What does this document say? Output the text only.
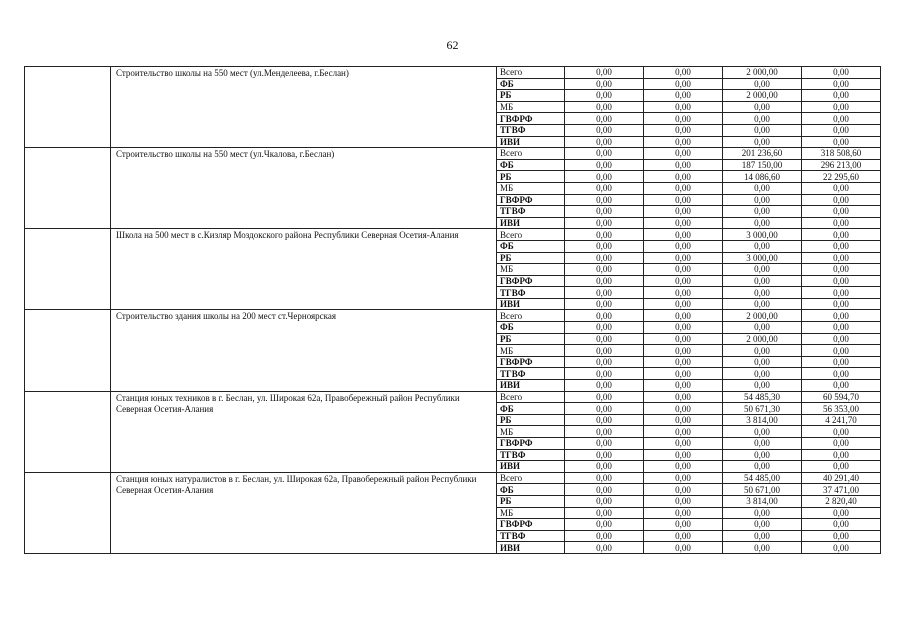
62
	Строительство школы на 550 мест (ул.Менделеева, г.Беслан)	Всего	0,00	0,00	2 000,00	0,00
		ФБ	0,00	0,00	0,00	0,00
		РБ	0,00	0,00	2 000,00	0,00
		МБ	0,00	0,00	0,00	0,00
		ГВФРФ	0,00	0,00	0,00	0,00
		ТГВФ	0,00	0,00	0,00	0,00
		ИВИ	0,00	0,00	0,00	0,00
	Строительство школы на 550 мест (ул.Чкалова, г.Беслан)	Всего	0,00	0,00	201 236,60	318 508,60
		ФБ	0,00	0,00	187 150,00	296 213,00
		РБ	0,00	0,00	14 086,60	22 295,60
		МБ	0,00	0,00	0,00	0,00
		ГВФРФ	0,00	0,00	0,00	0,00
		ТГВФ	0,00	0,00	0,00	0,00
		ИВИ	0,00	0,00	0,00	0,00
	Школа на 500 мест в с.Кизляр Моздокского района Республики Северная Осетия-Алания	Всего	0,00	0,00	3 000,00	0,00
		ФБ	0,00	0,00	0,00	0,00
		РБ	0,00	0,00	3 000,00	0,00
		МБ	0,00	0,00	0,00	0,00
		ГВФРФ	0,00	0,00	0,00	0,00
		ТГВФ	0,00	0,00	0,00	0,00
		ИВИ	0,00	0,00	0,00	0,00
	Строительство здания школы на 200 мест ст.Черноярская	Всего	0,00	0,00	2 000,00	0,00
		ФБ	0,00	0,00	0,00	0,00
		РБ	0,00	0,00	2 000,00	0,00
		МБ	0,00	0,00	0,00	0,00
		ГВФРФ	0,00	0,00	0,00	0,00
		ТГВФ	0,00	0,00	0,00	0,00
		ИВИ	0,00	0,00	0,00	0,00
	Станция юных техников в г. Беслан, ул. Широкая 62а, Правобережный район Республики Северная Осетия-Алания	Всего	0,00	0,00	54 485,30	60 594,70
		ФБ	0,00	0,00	50 671,30	56 353,00
		РБ	0,00	0,00	3 814,00	4 241,70
		МБ	0,00	0,00	0,00	0,00
		ГВФРФ	0,00	0,00	0,00	0,00
		ТГВФ	0,00	0,00	0,00	0,00
		ИВИ	0,00	0,00	0,00	0,00
	Станция юных натуралистов в г. Беслан, ул. Широкая 62а, Правобережный район Республики Северная Осетия-Алания	Всего	0,00	0,00	54 485,00	40 291,40
		ФБ	0,00	0,00	50 671,00	37 471,00
		РБ	0,00	0,00	3 814,00	2 820,40
		МБ	0,00	0,00	0,00	0,00
		ГВФРФ	0,00	0,00	0,00	0,00
		ТГВФ	0,00	0,00	0,00	0,00
		ИВИ	0,00	0,00	0,00	0,00
